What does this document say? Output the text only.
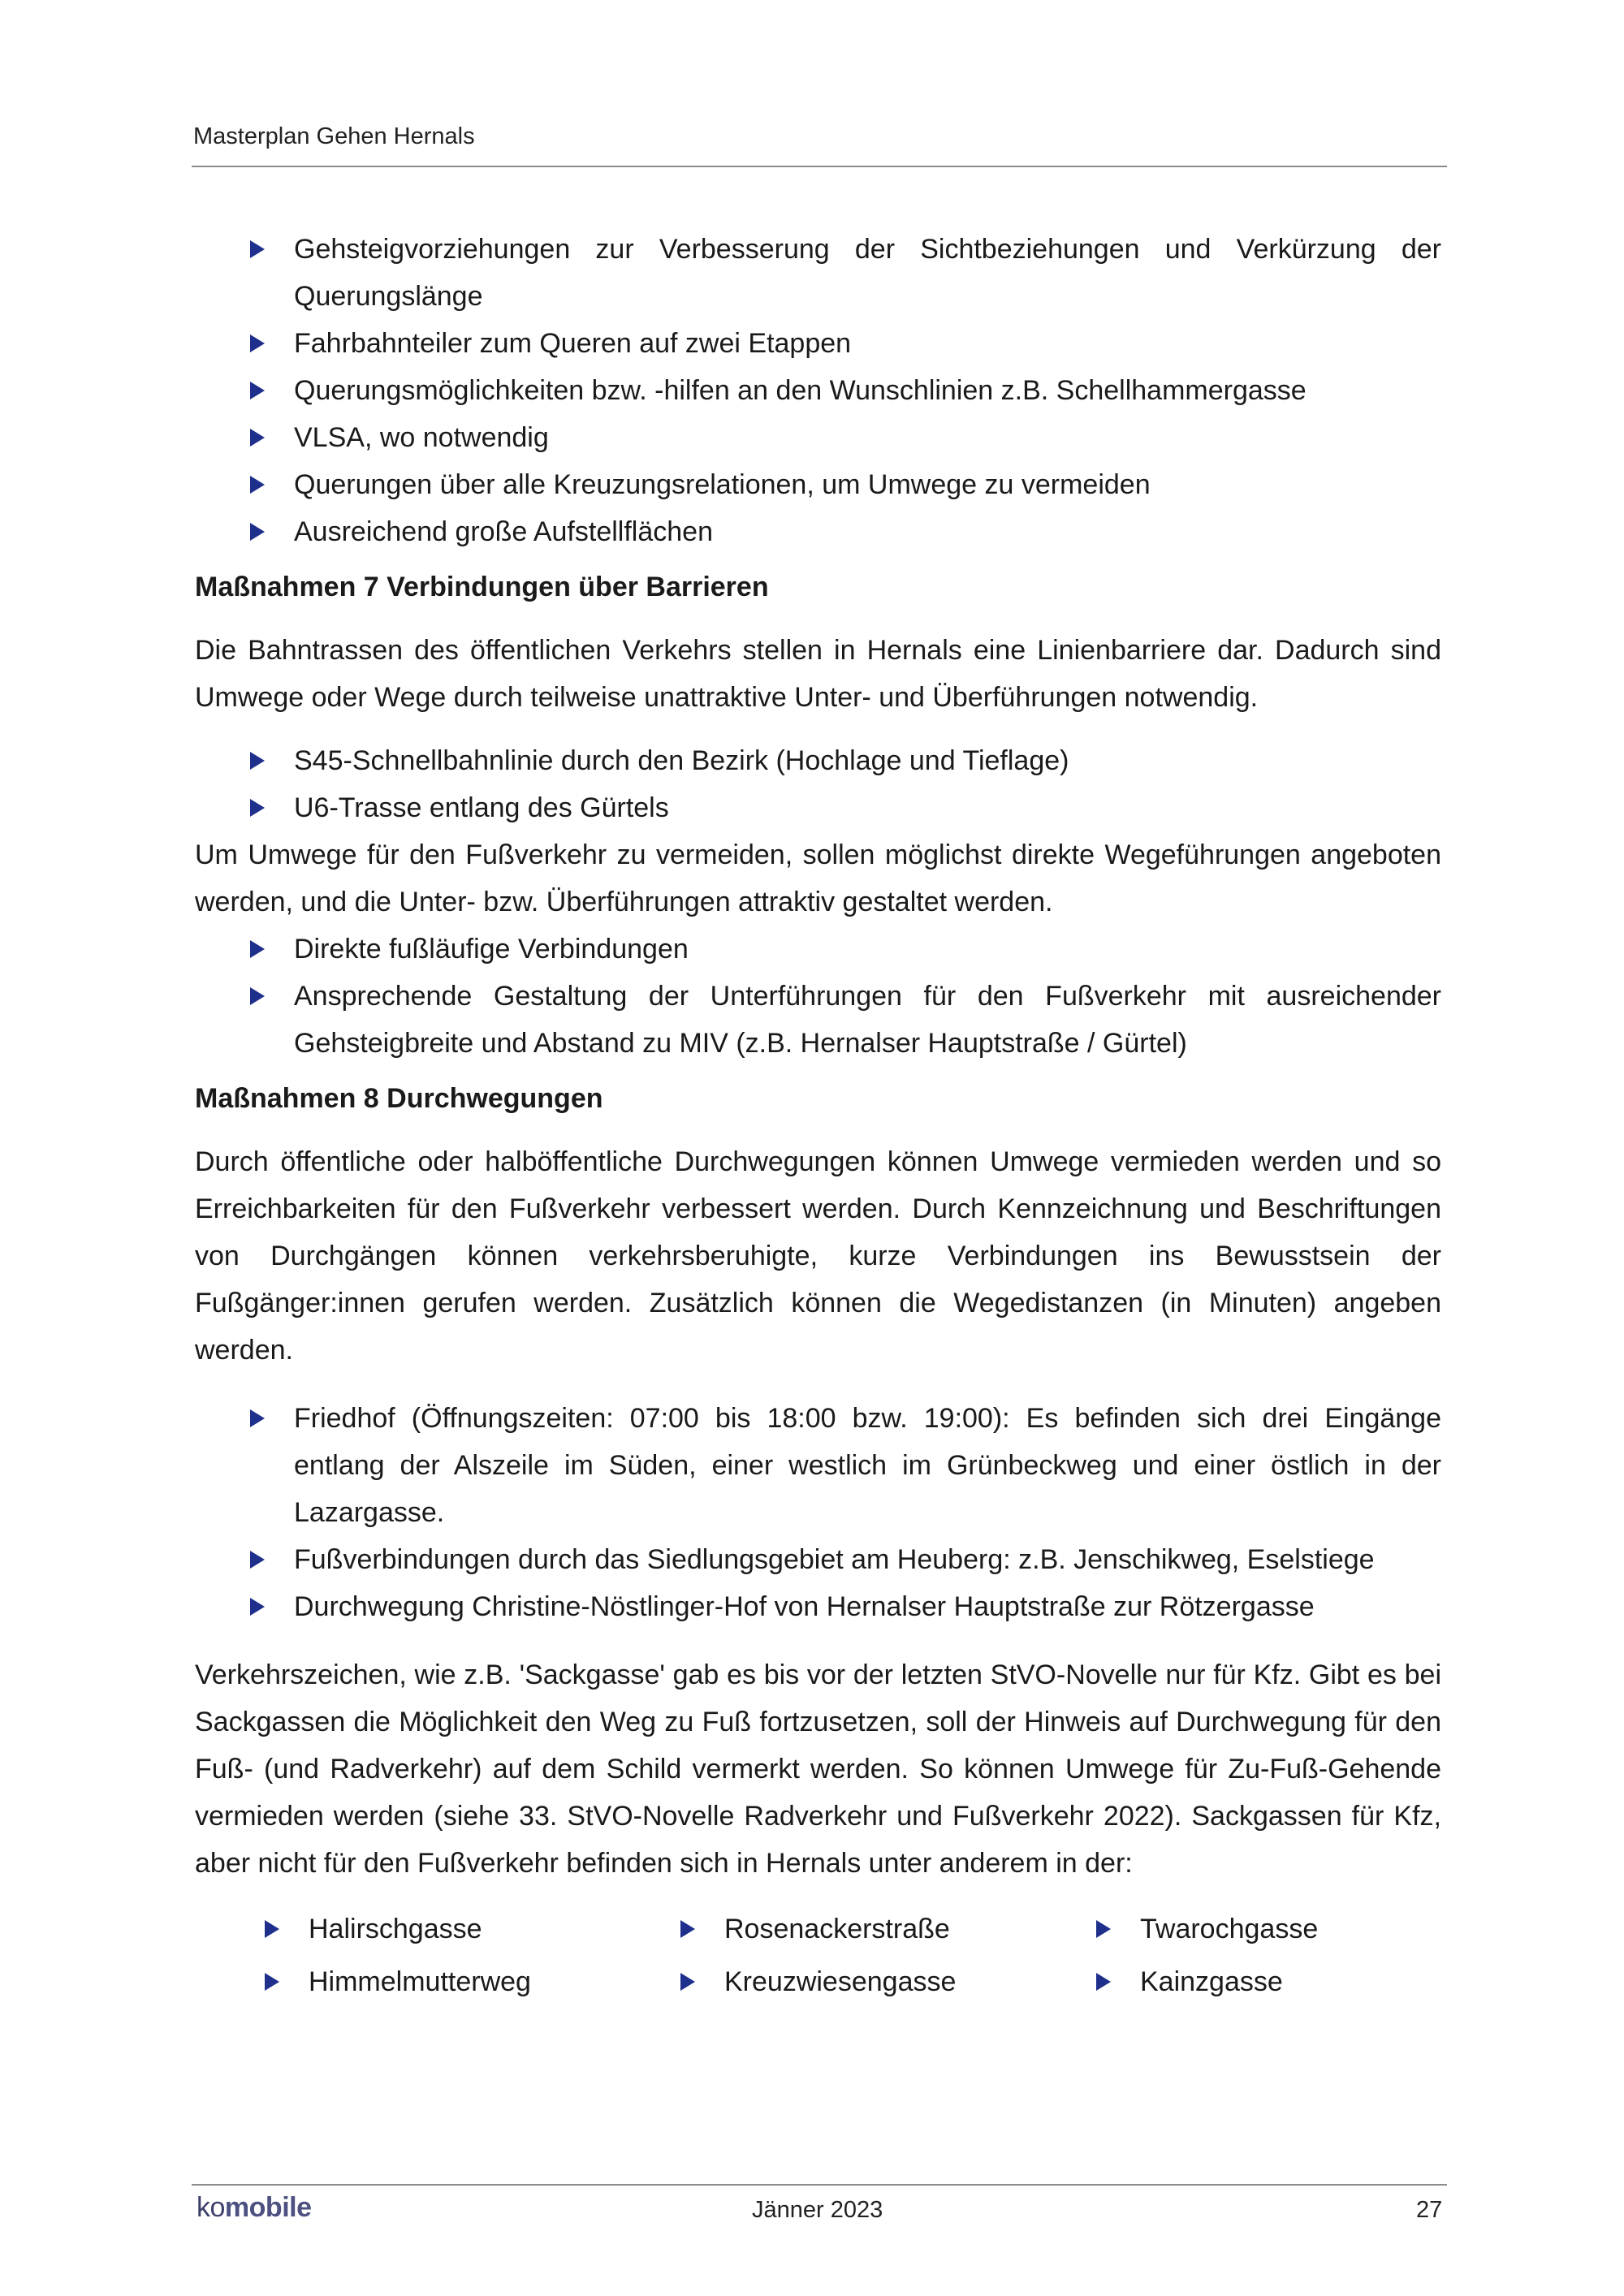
Masterplan Gehen Hernals
Gehsteigvorziehungen zur Verbesserung der Sichtbeziehungen und Verkürzung der Querungslänge
Fahrbahnteiler zum Queren auf zwei Etappen
Querungsmöglichkeiten bzw. -hilfen an den Wunschlinien z.B. Schellhammergasse
VLSA, wo notwendig
Querungen über alle Kreuzungsrelationen, um Umwege zu vermeiden
Ausreichend große Aufstellflächen
Maßnahmen 7 Verbindungen über Barrieren

Die Bahntrassen des öffentlichen Verkehrs stellen in Hernals eine Linienbarriere dar. Dadurch sind Umwege oder Wege durch teilweise unattraktive Unter- und Überführungen notwendig.

S45-Schnellbahnlinie durch den Bezirk (Hochlage und Tieflage)
U6-Trasse entlang des Gürtels

Um Umwege für den Fußverkehr zu vermeiden, sollen möglichst direkte Wegeführungen angeboten werden, und die Unter- bzw. Überführungen attraktiv gestaltet werden.

Direkte fußläufige Verbindungen
Ansprechende Gestaltung der Unterführungen für den Fußverkehr mit ausreichender Gehsteigbreite und Abstand zu MIV (z.B. Hernalser Hauptstraße / Gürtel)
Maßnahmen 8 Durchwegungen

Durch öffentliche oder halböffentliche Durchwegungen können Umwege vermieden werden und so Erreichbarkeiten für den Fußverkehr verbessert werden. Durch Kennzeichnung und Beschriftungen von Durchgängen können verkehrsberuhigte, kurze Verbindungen ins Bewusstsein der Fußgänger:innen gerufen werden. Zusätzlich können die Wegedistanzen (in Minuten) angeben werden.

Friedhof (Öffnungszeiten: 07:00 bis 18:00 bzw. 19:00): Es befinden sich drei Eingänge entlang der Alszeile im Süden, einer westlich im Grünbeckweg und einer östlich in der Lazargasse.
Fußverbindungen durch das Siedlungsgebiet am Heuberg: z.B. Jenschikweg, Eselstiege
Durchwegung Christine-Nöstlinger-Hof von Hernalser Hauptstraße zur Rötzergasse

Verkehrszeichen, wie z.B. 'Sackgasse' gab es bis vor der letzten StVO-Novelle nur für Kfz. Gibt es bei Sackgassen die Möglichkeit den Weg zu Fuß fortzusetzen, soll der Hinweis auf Durchwegung für den Fuß- (und Radverkehr) auf dem Schild vermerkt werden. So können Umwege für Zu-Fuß-Gehende vermieden werden (siehe 33. StVO-Novelle Radverkehr und Fußverkehr 2022). Sackgassen für Kfz, aber nicht für den Fußverkehr befinden sich in Hernals unter anderem in der:

Halirschgasse	Rosenackerstraße	Twarochgasse
Himmelmutterweg	Kreuzwiesengasse	Kainzgasse
komobile	Jänner 2023	27
